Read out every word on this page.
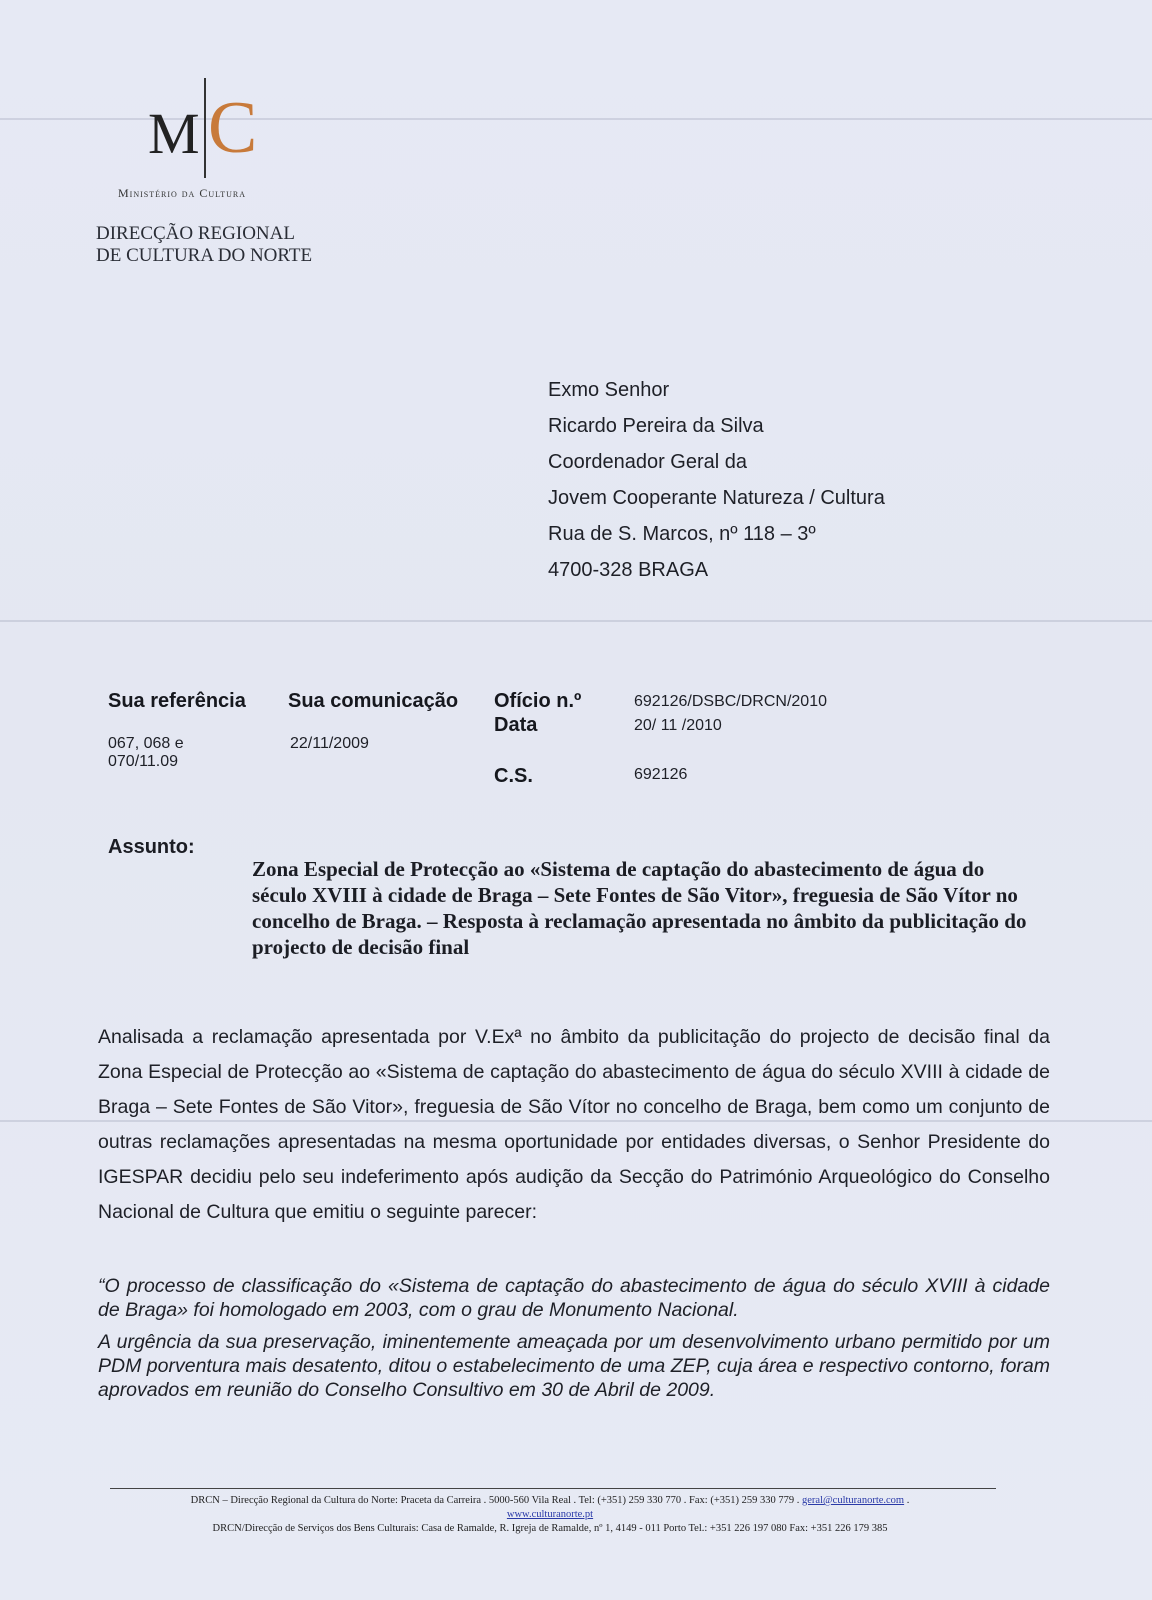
M C
Ministério da Cultura
DIRECÇÃO REGIONAL
DE CULTURA DO NORTE
Exmo Senhor
Ricardo Pereira da Silva
Coordenador Geral da
Jovem Cooperante Natureza / Cultura
Rua de S. Marcos, nº 118 – 3º
4700-328 BRAGA
Sua referência
067, 068 e
070/11.09
Sua comunicação
22/11/2009
Ofício n.º
Data
C.S.
692126/DSBC/DRCN/2010
20/ 11 /2010
692126
Assunto:
Zona Especial de Protecção ao «Sistema de captação do abastecimento de água do século XVIII à cidade de Braga – Sete Fontes de São Vitor», freguesia de São Vítor no concelho de Braga. – Resposta à reclamação apresentada no âmbito da publicitação do projecto de decisão final
Analisada a reclamação apresentada por V.Exª no âmbito da publicitação do projecto de decisão final da Zona Especial de Protecção ao «Sistema de captação do abastecimento de água do século XVIII à cidade de Braga – Sete Fontes de São Vitor», freguesia de São Vítor no concelho de Braga, bem como um conjunto de outras reclamações apresentadas na mesma oportunidade por entidades diversas, o Senhor Presidente do IGESPAR decidiu pelo seu indeferimento após audição da Secção do Património Arqueológico do Conselho Nacional de Cultura que emitiu o seguinte parecer:

“O processo de classificação do «Sistema de captação do abastecimento de água do século XVIII à cidade de Braga» foi homologado em 2003, com o grau de Monumento Nacional.

A urgência da sua preservação, iminentemente ameaçada por um desenvolvimento urbano permitido por um PDM porventura mais desatento, ditou o estabelecimento de uma ZEP, cuja área e respectivo contorno, foram aprovados em reunião do Conselho Consultivo em 30 de Abril de 2009.

DRCN – Direcção Regional da Cultura do Norte: Praceta da Carreira . 5000-560 Vila Real . Tel: (+351) 259 330 770 . Fax: (+351) 259 330 779 . geral@culturanorte.com .
www.culturanorte.pt
DRCN/Direcção de Serviços dos Bens Culturais: Casa de Ramalde, R. Igreja de Ramalde, nº 1, 4149 - 011 Porto Tel.: +351 226 197 080 Fax: +351 226 179 385
